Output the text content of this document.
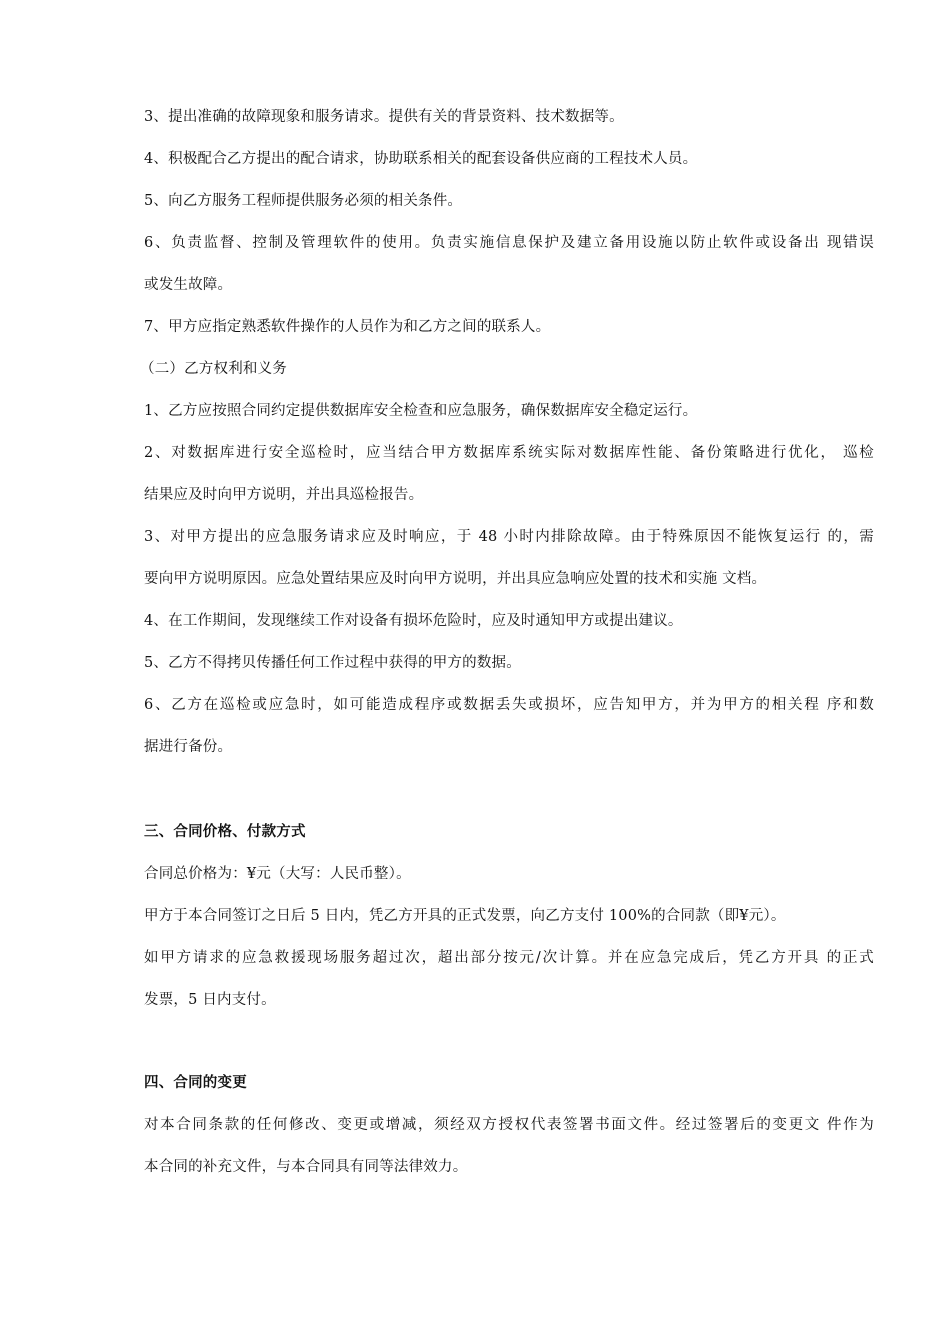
3、提出准确的故障现象和服务请求。提供有关的背景资料、技术数据等。
4、积极配合乙方提出的配合请求，协助联系相关的配套设备供应商的工程技术人员。
5、向乙方服务工程师提供服务必须的相关条件。
6、负责监督、控制及管理软件的使用。负责实施信息保护及建立备用设施以防止软件或设备出 现错误
或发生故障。
7、甲方应指定熟悉软件操作的人员作为和乙方之间的联系人。
（二）乙方权利和义务
1、乙方应按照合同约定提供数据库安全检查和应急服务，确保数据库安全稳定运行。
2、对数据库进行安全巡检时，应当结合甲方数据库系统实际对数据库性能、备份策略进行优化， 巡检
结果应及时向甲方说明，并出具巡检报告。
3、对甲方提出的应急服务请求应及时响应，于 48 小时内排除故障。由于特殊原因不能恢复运行 的，需
要向甲方说明原因。应急处置结果应及时向甲方说明，并出具应急响应处置的技术和实施 文档。
4、在工作期间，发现继续工作对设备有损坏危险时，应及时通知甲方或提出建议。
5、乙方不得拷贝传播任何工作过程中获得的甲方的数据。
6、乙方在巡检或应急时，如可能造成程序或数据丢失或损坏，应告知甲方，并为甲方的相关程 序和数
据进行备份。
三、合同价格、付款方式
合同总价格为：¥元（大写：人民币整）。
甲方于本合同签订之日后 5 日内，凭乙方开具的正式发票，向乙方支付 100%的合同款（即¥元）。
如甲方请求的应急救援现场服务超过次，超出部分按元/次计算。并在应急完成后，凭乙方开具 的正式
发票，5 日内支付。
四、合同的变更
对本合同条款的任何修改、变更或增减，须经双方授权代表签署书面文件。经过签署后的变更文 件作为
本合同的补充文件，与本合同具有同等法律效力。
